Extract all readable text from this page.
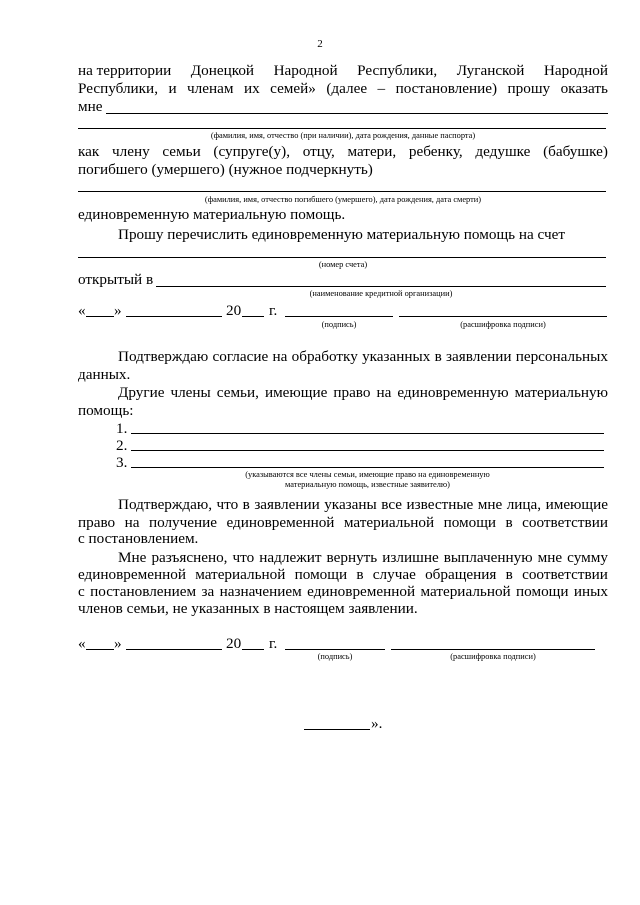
2
на территории Донецкой Народной Республики, Луганской Народной
Республики, и членам их семей» (далее – постановление) прошу оказать
мне
(фамилия, имя, отчество (при наличии), дата рождения, данные паспорта)
как члену семьи (супруге(у), отцу, матери, ребенку, дедушке (бабушке)
погибшего (умершего) (нужное подчеркнуть)
(фамилия, имя, отчество погибшего (умершего), дата рождения, дата смерти)
единовременную материальную помощь.
Прошу перечислить единовременную материальную помощь на счет
(номер счета)
открытый в
(наименование кредитной организации)
« »	20 г.
(подпись)	(расшифровка подписи)
Подтверждаю согласие на обработку указанных в заявлении персональных
данных.
Другие члены семьи, имеющие право на единовременную материальную
помощь:
1.
2.
3.
(указываются все члены семьи, имеющие право на единовременную
материальную помощь, известные заявителю)
Подтверждаю, что в заявлении указаны все известные мне лица, имеющие
право на получение единовременной материальной помощи в соответствии
с постановлением.
Мне разъяснено, что надлежит вернуть излишне выплаченную мне сумму
единовременной материальной помощи в случае обращения в соответствии
с постановлением за назначением единовременной материальной помощи иных
членов семьи, не указанных в настоящем заявлении.
« »	20 г.
(подпись)	(расшифровка подписи)
».
